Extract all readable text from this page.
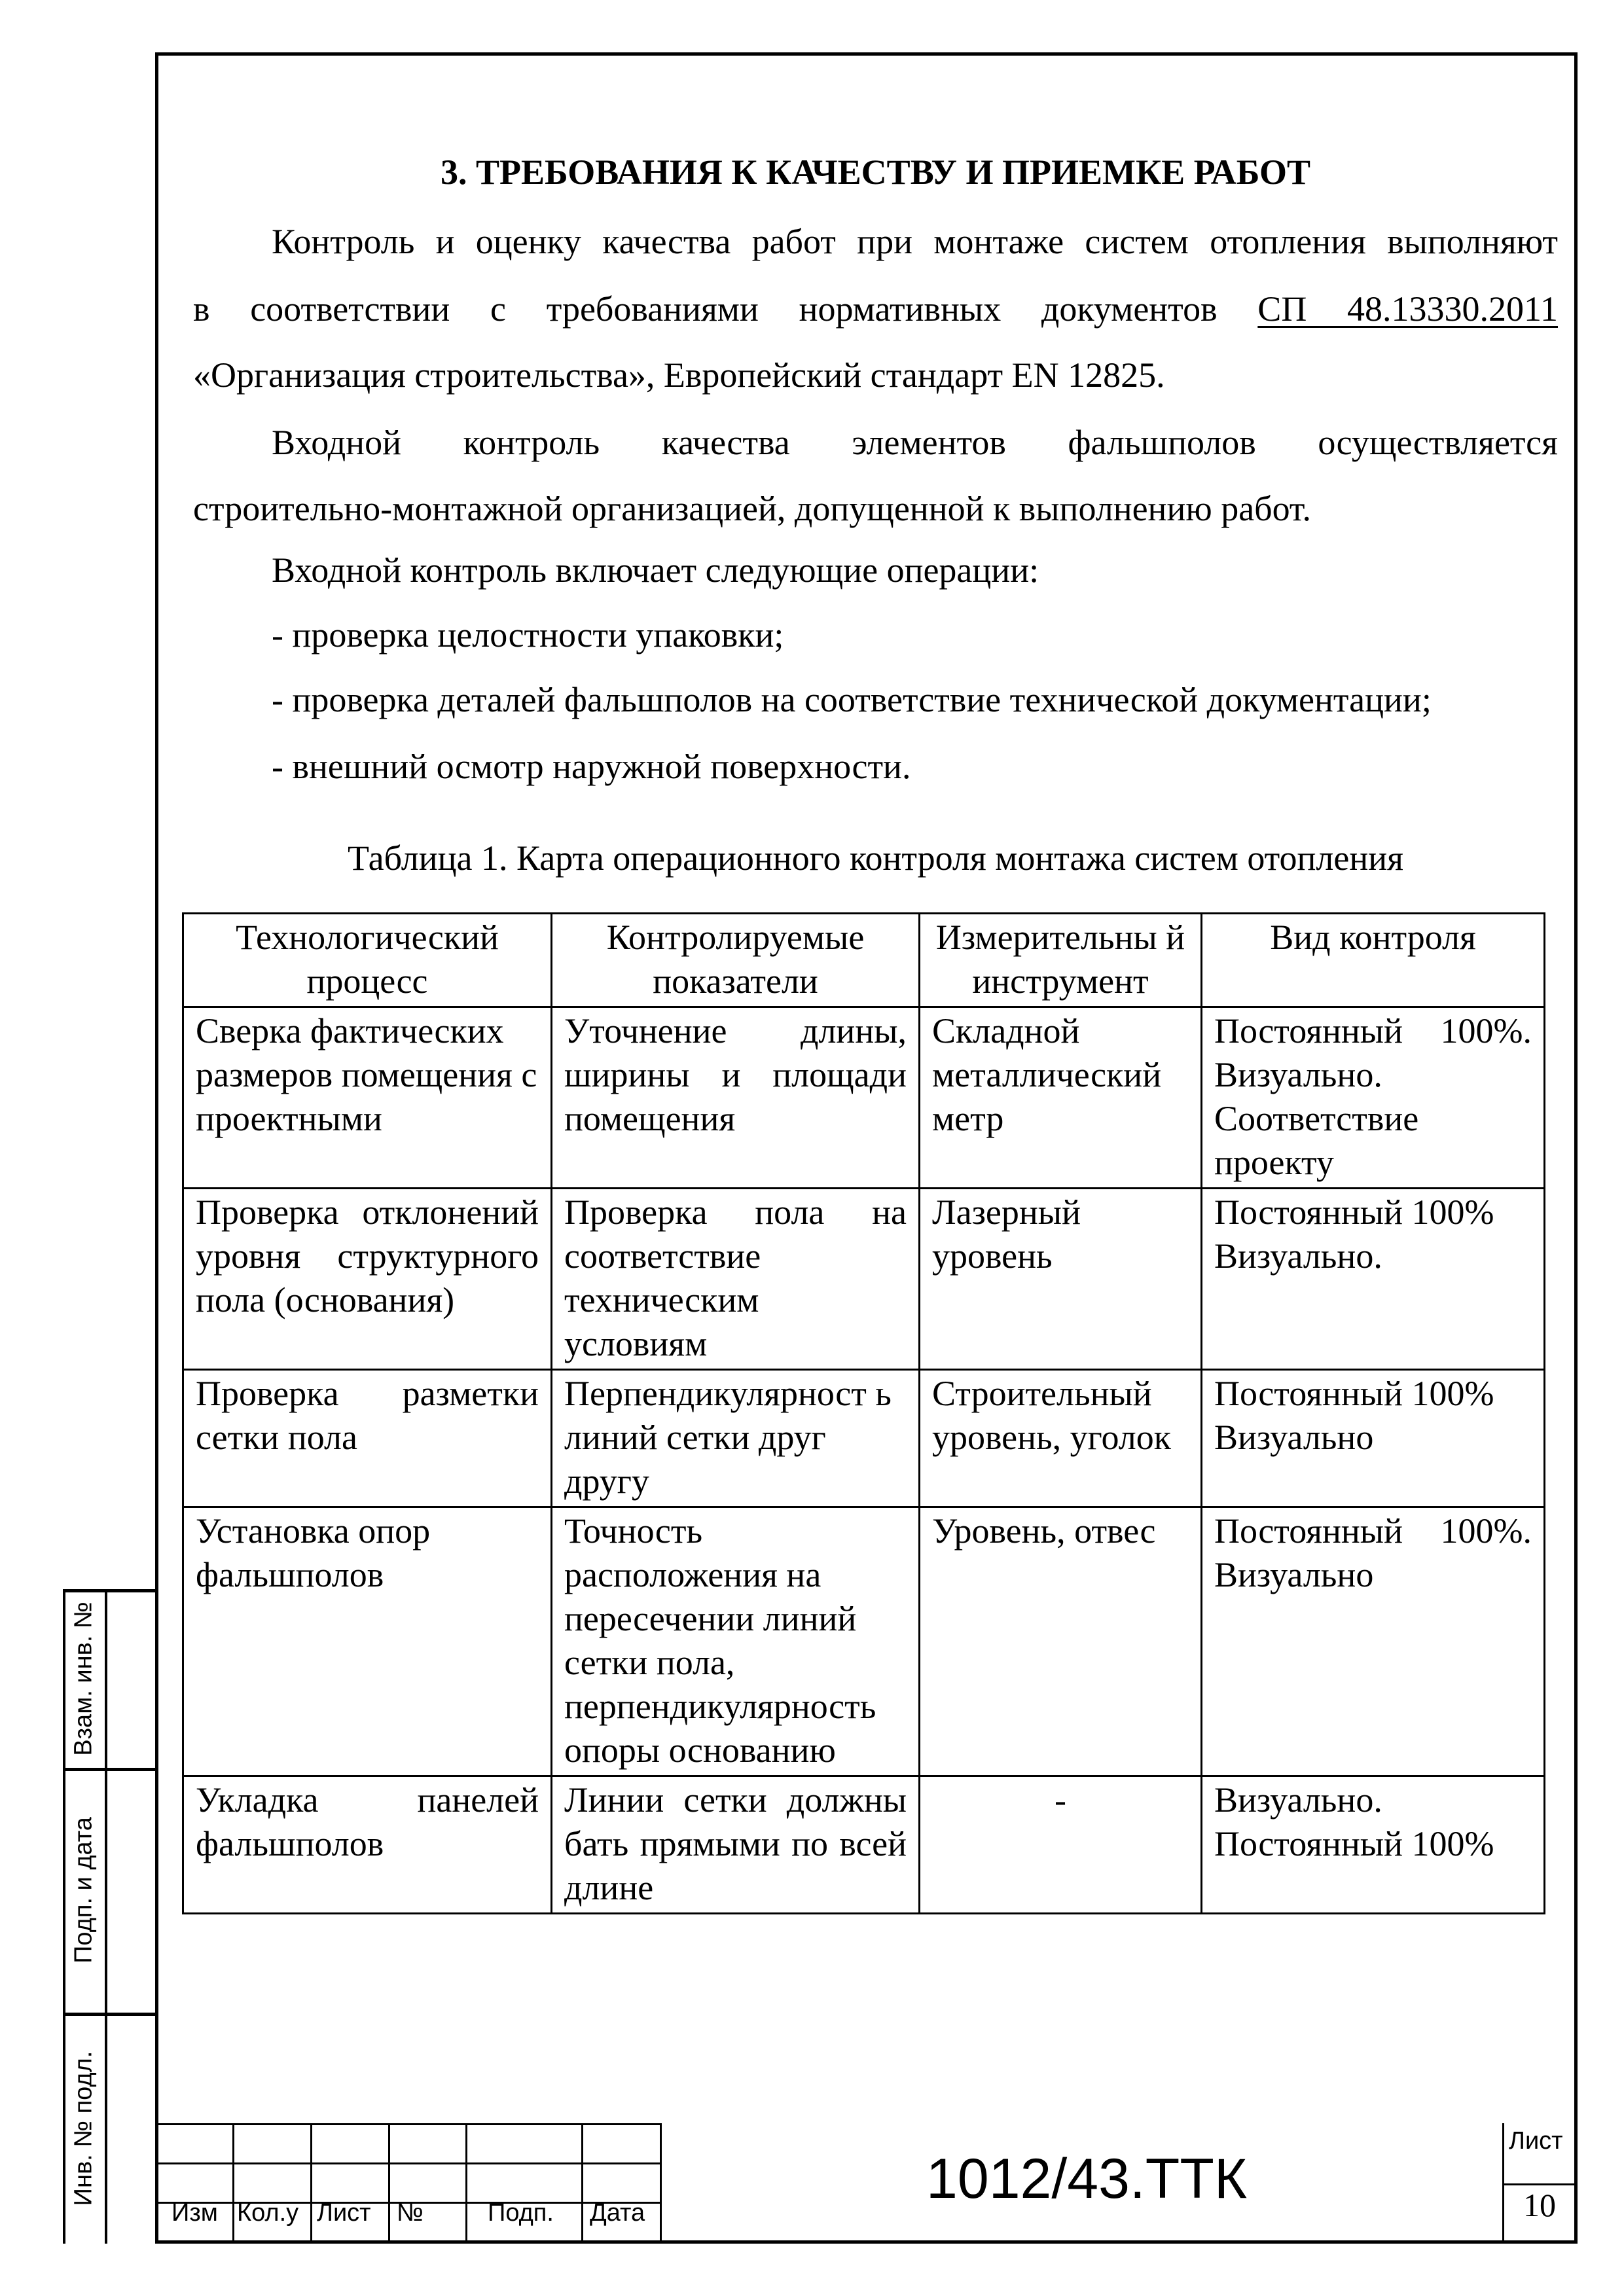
3. ТРЕБОВАНИЯ К КАЧЕСТВУ И ПРИЕМКЕ РАБОТ
Контроль и оценку качества работ при монтаже систем отопления выполняют
в соответствии с требованиями нормативных документов СП 48.13330.2011
«Организация строительства», Европейский стандарт EN 12825.
Входной контроль качества элементов фальшполов осуществляется
строительно-монтажной организацией, допущенной к выполнению работ.
Входной контроль включает следующие операции:
- проверка целостности упаковки;
- проверка деталей фальшполов на соответствие технической документации;
- внешний осмотр наружной поверхности.
Таблица 1. Карта операционного контроля монтажа систем отопления
Технологический процесс	Контролируемые показатели	Измерительны й инструмент	Вид контроля
Сверка фактических размеров помещения с проектными	Уточнение длины, ширины и площади помещения	Складной металлический метр	Постоянный 100%. Визуально. Соответствие проекту
Проверка отклонений уровня структурного пола (основания)	Проверка пола на соответствие техническим условиям	Лазерный уровень	Постоянный 100% Визуально.
Проверка разметки сетки пола	Перпендикулярност ь линий сетки друг другу	Строительный уровень, уголок	Постоянный 100% Визуально
Установка опор фальшполов	Точность расположения на пересечении линий сетки пола, перпендикулярность опоры основанию	Уровень, отвес	Постоянный 100%. Визуально
Укладка панелей фальшполов	Линии сетки должны бать прямыми по всей длине	-	Визуально. Постоянный 100%
Взам. инв. №
Подп. и дата
Инв. № подл.
Изм Кол.у Лист №	Подп. Дата
1012/43.ТТК
Лист
10
